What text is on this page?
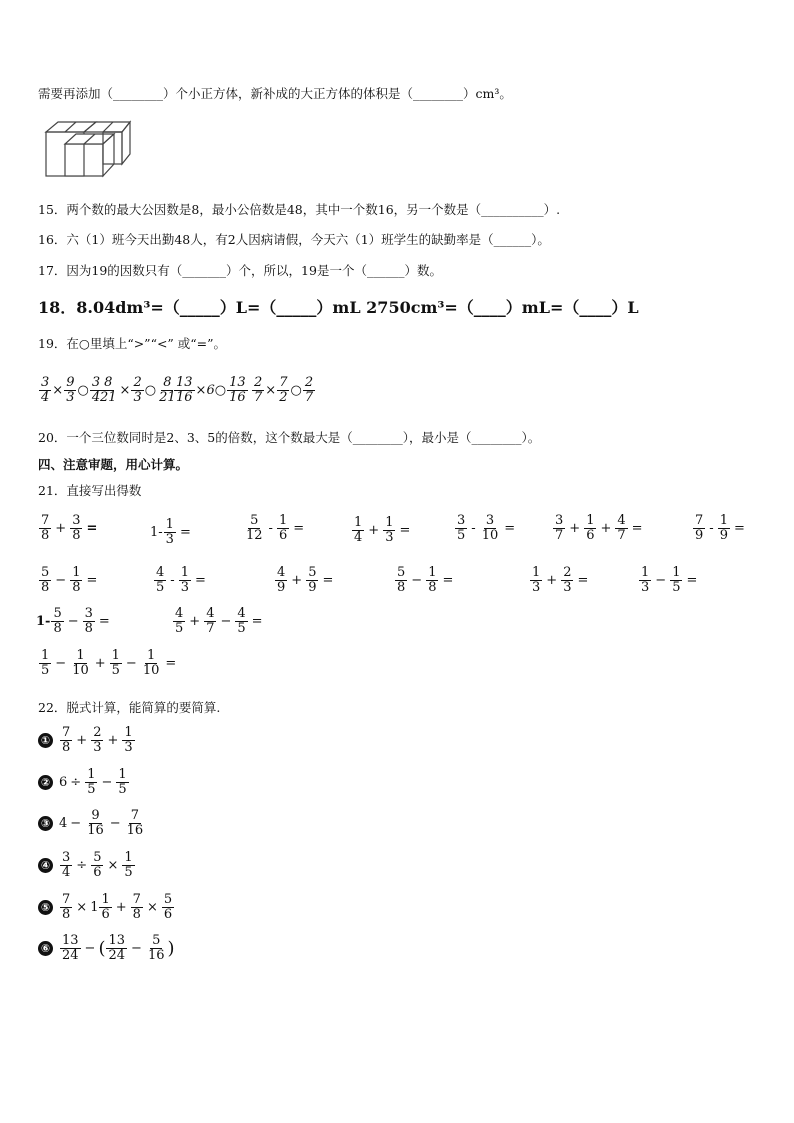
需要再添加（________）个小正方体，新补成的大正方体的体积是（________）cm³。
15．两个数的最大公因数是8，最小公倍数是48，其中一个数16，另一个数是（__________）.
16．六（1）班今天出勤48人，有2人因病请假，今天六（1）班学生的缺勤率是（______）。
17．因为19的因数只有（_______）个，所以，19是一个（______）数。
18．8.04dm³=（_____）L=（_____）mL 2750cm³=（____）mL=（____）L
19．在○里填上“>”“<” 或“=”。
$\frac{3}{4} \times \frac{9}{3}$ ○ $\frac{3}{4}$
$\frac{8}{21} \times \frac{2}{3}$ ○ $\frac{8}{21}$
$\frac{13}{16} \times 6$ ○ $\frac{13}{16} \frac{2}{7} \times \frac{7}{2}$ ○ $\frac{2}{7}$
20．一个三位数同时是2、3、5的倍数，这个数最大是（________），最小是（________）。
四、注意审题，用心计算。
21．直接写出得数
$\frac{7}{8} + \frac{3}{8}$ =	$1- \frac{1}{3}$ =	$\frac{5}{12} - \frac{1}{6}$ =	$\frac{1}{4} + \frac{1}{3}$ =	$\frac{3}{5} - \frac{3}{10}$ =	$\frac{3}{7} + \frac{1}{6} + \frac{4}{7}$ =	$\frac{7}{9} - \frac{1}{9}$ =
$\frac{5}{8} - \frac{1}{8}$ =	$\frac{4}{5} - \frac{1}{3}$ =	$\frac{4}{9} + \frac{5}{9}$ =	$\frac{5}{8} - \frac{1}{8}$ =	$\frac{1}{3} + \frac{2}{3}$ =	$\frac{1}{3} - \frac{1}{5}$ =
$1- \frac{5}{8} - \frac{3}{8}$ =	$\frac{4}{5} + \frac{4}{7} - \frac{4}{5}$ =
$\frac{1}{5} - \frac{1}{10} + \frac{1}{5} - \frac{1}{10}$ =
22．脱式计算，能简算的要简算.
① $\frac{7}{8} + \frac{2}{3} + \frac{1}{3}$
② $6 \div \frac{1}{5} - \frac{1}{5}$
③ $4 - \frac{9}{16} - \frac{7}{16}$
④ $\frac{3}{4} \div \frac{5}{6} \times \frac{1}{5}$
⑤ $\frac{7}{8} \times 1 \frac{1}{6} + \frac{7}{8} \times \frac{5}{6}$
⑥ $\frac{13}{24}$ − ( $\frac{13}{24} - \frac{5}{16}$ )
